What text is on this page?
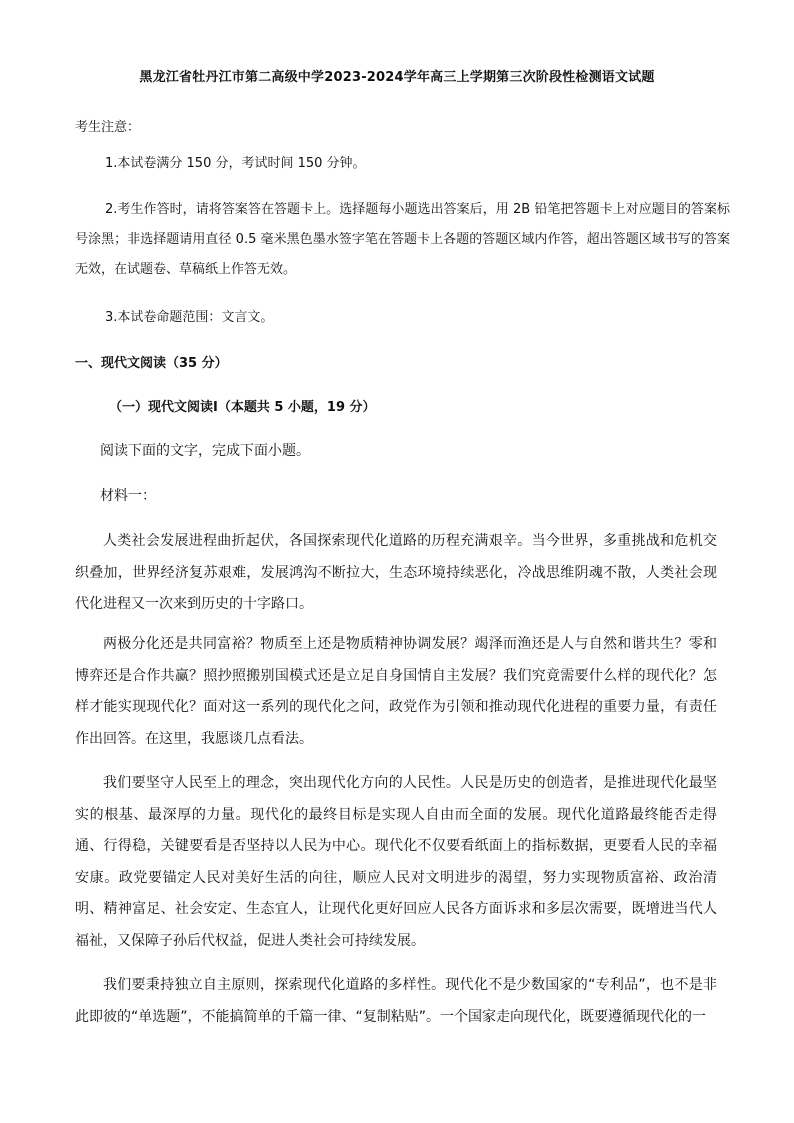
黑龙江省牡丹江市第二高级中学2023-2024学年高三上学期第三次阶段性检测语文试题
考生注意：
1.本试卷满分 150 分，考试时间 150 分钟。
2.考生作答时，请将答案答在答题卡上。选择题每小题选出答案后，用 2B 铅笔把答题卡上对应题目的答案标号涂黑；非选择题请用直径 0.5 毫米黑色墨水签字笔在答题卡上各题的答题区域内作答，超出答题区域书写的答案无效，在试题卷、草稿纸上作答无效。
3.本试卷命题范围：文言文。
一、现代文阅读（35 分）
（一）现代文阅读Ⅰ（本题共 5 小题，19 分）
阅读下面的文字，完成下面小题。
材料一：
人类社会发展进程曲折起伏，各国探索现代化道路的历程充满艰辛。当今世界，多重挑战和危机交织叠加，世界经济复苏艰难，发展鸿沟不断拉大，生态环境持续恶化，冷战思维阴魂不散，人类社会现代化进程又一次来到历史的十字路口。
两极分化还是共同富裕？物质至上还是物质精神协调发展？竭泽而渔还是人与自然和谐共生？零和博弈还是合作共赢？照抄照搬别国模式还是立足自身国情自主发展？我们究竟需要什么样的现代化？怎样才能实现现代化？面对这一系列的现代化之问，政党作为引领和推动现代化进程的重要力量，有责任作出回答。在这里，我愿谈几点看法。
我们要坚守人民至上的理念，突出现代化方向的人民性。人民是历史的创造者，是推进现代化最坚实的根基、最深厚的力量。现代化的最终目标是实现人自由而全面的发展。现代化道路最终能否走得通、行得稳，关键要看是否坚持以人民为中心。现代化不仅要看纸面上的指标数据，更要看人民的幸福安康。政党要锚定人民对美好生活的向往，顺应人民对文明进步的渴望，努力实现物质富裕、政治清明、精神富足、社会安定、生态宜人，让现代化更好回应人民各方面诉求和多层次需要，既增进当代人福祉，又保障子孙后代权益，促进人类社会可持续发展。
我们要秉持独立自主原则，探索现代化道路的多样性。现代化不是少数国家的“专利品”，也不是非此即彼的“单选题”，不能搞简单的千篇一律、“复制粘贴”。一个国家走向现代化，既要遵循现代化的一
